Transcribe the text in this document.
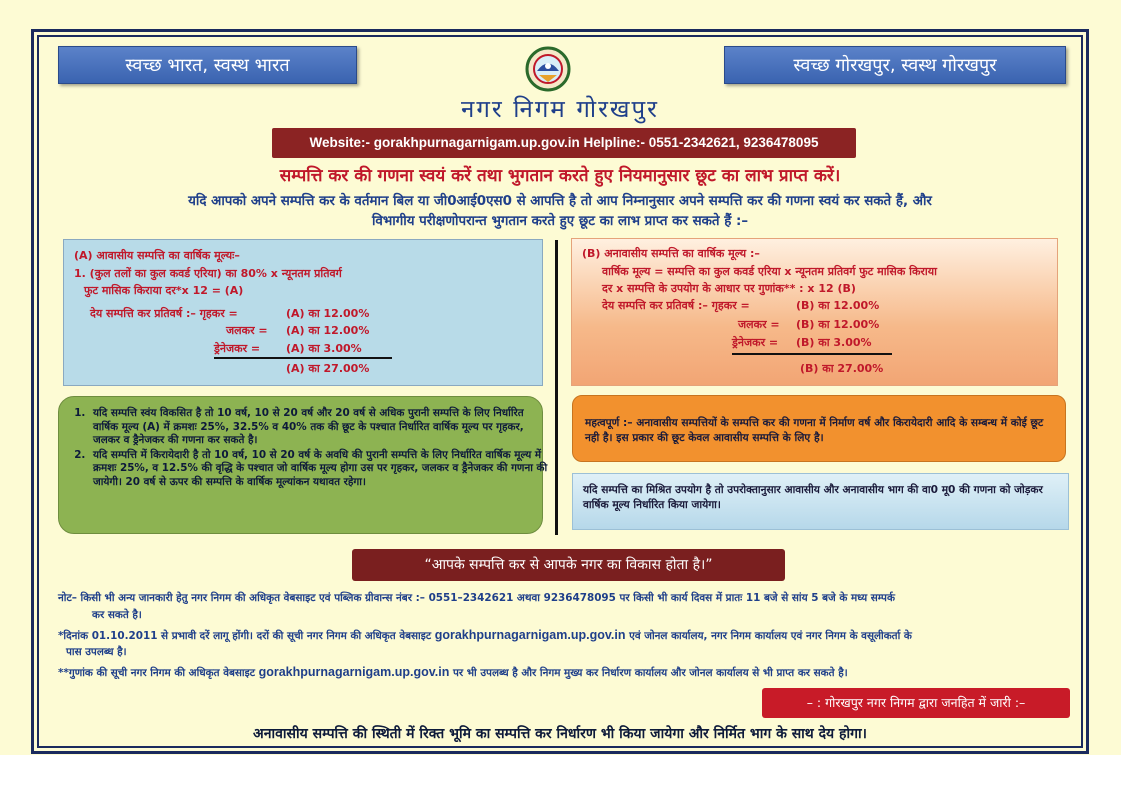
स्वच्छ भारत, स्वस्थ भारत	स्वच्छ गोरखपुर, स्वस्थ गोरखपुर
नगर निगम गोरखपुर
Website:- gorakhpurnagarnigam.up.gov.in Helpline:- 0551-2342621, 9236478095
सम्पत्ति कर की गणना स्वयं करें तथा भुगतान करते हुए नियमानुसार छूट का लाभ प्राप्त करें।
यदि आपको अपने सम्पत्ति कर के वर्तमान बिल या जी0आई0एस0 से आपत्ति है तो आप निम्नानुसार अपने सम्पत्ति कर की गणना स्वयं कर सकते हैं, और
विभागीय परीक्षणोपरान्त भुगतान करते हुए छूट का लाभ प्राप्त कर सकते हैं :–
(A) आवासीय सम्पत्ति का वार्षिक मूल्यः–
1. (कुल तलों का कुल कवर्ड एरिया) का 80% x न्यूनतम प्रतिवर्ग
फुट मासिक किराया दर*x 12 = (A)
देय सम्पत्ति कर प्रतिवर्ष :– गृहकर =	(A) का 12.00%
जलकर = (A) का 12.00%
ड्रेनेजकर = (A) का 3.00%
(A) का 27.00%
(B) अनावासीय सम्पत्ति का वार्षिक मूल्य :–
वार्षिक मूल्य = सम्पत्ति का कुल कवर्ड एरिया x न्यूनतम प्रतिवर्ग फुट मासिक किराया
दर x सम्पत्ति के उपयोग के आधार पर गुणांक** : x 12 (B)
देय सम्पत्ति कर प्रतिवर्ष :– गृहकर =	(B) का 12.00%
जलकर = (B) का 12.00%
ड्रेनेजकर = (B) का 3.00%
(B) का 27.00%
1. यदि सम्पत्ति स्वंय विकसित है तो 10 वर्ष, 10 से 20 वर्ष और 20 वर्ष से अधिक पुरानी सम्पत्ति के लिए निर्धारित वार्षिक मूल्य (A) में क्रमशः 25%, 32.5% व 40% तक की छूट के पश्चात निर्धारित वार्षिक मूल्य पर गृहकर, जलकर व ड्रैनेजकर की गणना कर सकते है।
2. यदि सम्पत्ति में किरायेदारी है तो 10 वर्ष, 10 से 20 वर्ष के अवधि की पुरानी सम्पत्ति के लिए निर्धारित वार्षिक मूल्य में क्रमशः 25%, व 12.5% की वृद्धि के पश्चात जो वार्षिक मूल्य होगा उस पर गृहकर, जलकर व ड्रैनेजकर की गणना की जायेगी। 20 वर्ष से ऊपर की सम्पत्ति के वार्षिक मूल्यांकन यथावत रहेगा।

महत्वपूर्ण :– अनावासीय सम्पत्तियों के सम्पत्ति कर की गणना में निर्माण वर्ष और किरायेदारी आदि के सम्बन्ध में कोई छूट नही है। इस प्रकार की छूट केवल आवासीय सम्पत्ति के लिए है।

यदि सम्पत्ति का मिश्रित उपयोग है तो उपरोक्तानुसार आवासीय और अनावासीय भाग की वा0 मू0 की गणना को जोड़कर वार्षिक मूल्य निर्धारित किया जायेगा।

“आपके सम्पत्ति कर से आपके नगर का विकास होता है।”
नोट– किसी भी अन्य जानकारी हेतु नगर निगम की अधिकृत वेबसाइट एवं पब्लिक ग्रीवान्स नंबर :– 0551–2342621 अथवा 9236478095 पर किसी भी कार्य दिवस में प्रातः 11 बजे से सांय 5 बजे के मध्य सम्पर्क
कर सकते है।
*दिनांक 01.10.2011 से प्रभावी दरें लागू होंगी। दरों की सूची नगर निगम की अधिकृत वेबसाइट gorakhpurnagarnigam.up.gov.in एवं जोनल कार्यालय, नगर निगम कार्यालय एवं नगर निगम के वसूलीकर्ता के
पास उपलब्ध है।
**गुणांक की सूची नगर निगम की अधिकृत वेबसाइट gorakhpurnagarnigam.up.gov.in पर भी उपलब्ध है और निगम मुख्य कर निर्धारण कार्यालय और जोनल कार्यालय से भी प्राप्त कर सकते है।
– : गोरखपुर नगर निगम द्वारा जनहित में जारी :–
अनावासीय सम्पत्ति की स्थिती में रिक्त भूमि का सम्पत्ति कर निर्धारण भी किया जायेगा और निर्मित भाग के साथ देय होगा।
